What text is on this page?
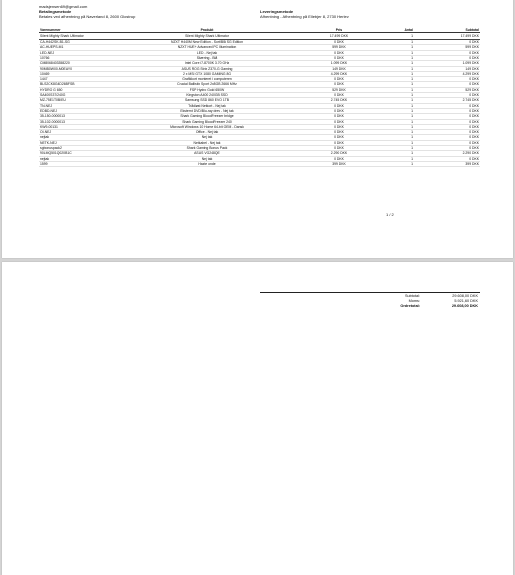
madsjensen69@gmail.com
Betalingsmetode
Betales ved afhentning på Naverland 8, 2600 Glostrup
Leveringsmetode
Afhentning - Afhentning på Ellebjer 8, 2730 Herlev
Varenummer	Produkt	Pris	Antal	Subtotal
Silent Mighty Shark Ultimator	Silent Mighty Shark Ultimator	17.499 DKK	1	17.499 DKK
CA-H442SK-B1-SG	NZXT H440M New Edition - Sort/Blå SG Edition	0 DKK	1	0 DKK
AC-HUEPS-M1	NZXT HUE+ Advanced PC Illumination	599 DKK	1	599 DKK
LED-NEJ	LED - Nej tak	0 DKK	1	0 DKK
10766	Skæring - Blå	0 DKK	1	0 DKK
CM8068403358220	Intel Core i7-8700K 3.70 GHz	1.099 DKK	1	1.099 DKK
90MB0W00-M0EAY0	ASUS ROG Strix Z370-G Gaming	149 DKK	1	149 DKK
10469	2 x MSI GTX 1080 GAMING 8G	4.299 DKK	1	4.299 DKK
1447	Grafikkort monteret i computeren	0 DKK	1	0 DKK
BLS2CK8G4D26BFSB	Crucial Ballistix Sport 2x8GB 2666 MHz	0 DKK	1	0 DKK
HYDRO G 650	FSP Hydro Gold 650W	529 DKK	1	529 DKK
SA400S37/240G	Kingston A400 240GB SSD	0 DKK	1	0 DKK
MZ-75E1T0B/EU	Samsung SSD 860 EVO 1TB	2.745 DKK	1	2.745 DKK
TN-NEJ	Trådløst Netkort - Nej tak	0 DKK	1	0 DKK
EDBD-NEJ	Eksternt DVD/Blu-ray drev - Nej tak	0 DKK	1	0 DKK
35-150-0000013	Shark Gaming BloodFreezer bridge	0 DKK	1	0 DKK
35-102-0000013	Shark Gaming BloodFreezer 240	0 DKK	1	0 DKK
KW9-00131	Microsoft Windows 10 Home 64-bit OEM - Dansk	0 DKK	1	0 DKK
OI-NEJ	Office - Nej tak	0 DKK	1	0 DKK
nejtak	Nej tak	0 DKK	1	0 DKK
NETK-NEJ	Netkabel - Nej tak	0 DKK	1	0 DKK
sgbonuspack2	Shark Gaming Bonus Pack	0 DKK	1	0 DKK
90LMQ501Q020B1C	ASUS VG248QE	2.290 DKK	1	2.290 DKK
nejtak	Nej tak	0 DKK	1	0 DKK
1599	Hazte onde	399 DKK	1	399 DKK
1 / 2
Subtotal:	29.608,00 DKK
Moms:	5.921,60 DKK
Ordretotal:	29.608,00 DKK
